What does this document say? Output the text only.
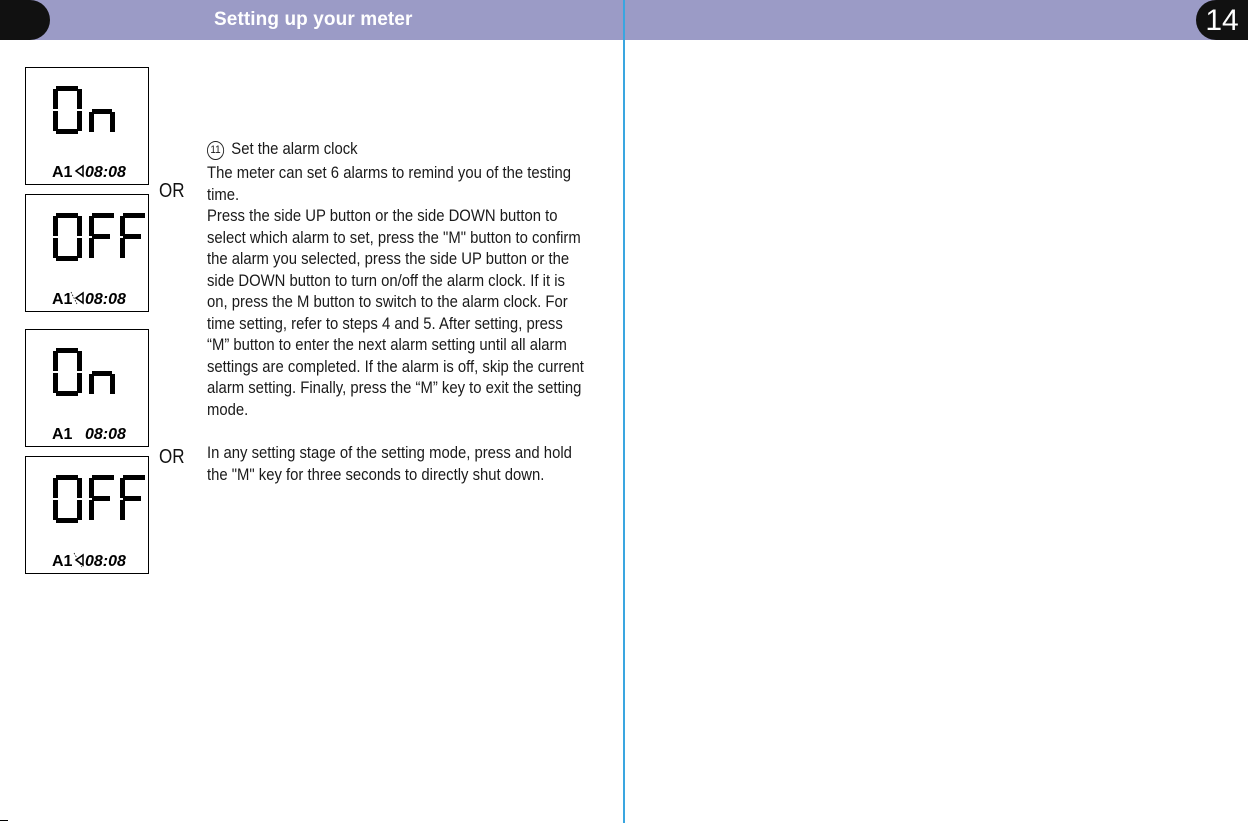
Setting up your meter	14
A1 08:08
OR
A1 08:08
A1 08:08
OR
A1 08:08
11 Set the alarm clock

The meter can set 6 alarms to remind you of the testing time.

Press the side UP button or the side DOWN button to select which alarm to set, press the "M" button to confirm the alarm you selected, press the side UP button or the side DOWN button to turn on/off the alarm clock. If it is on, press the M button to switch to the alarm clock. For time setting, refer to steps 4 and 5. After setting, press “M” button to enter the next alarm setting until all alarm settings are completed. If the alarm is off, skip the current alarm setting. Finally, press the “M” key to exit the setting mode.

In any setting stage of the setting mode, press and hold the "M" key for three seconds to directly shut down.
